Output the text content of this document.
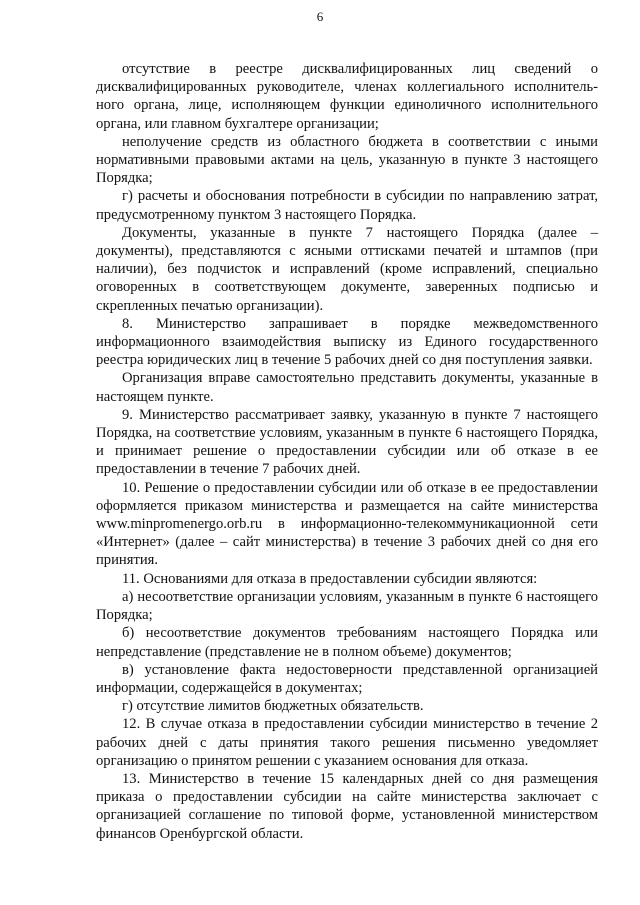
6

отсутствие в реестре дисквалифицированных лиц сведений о дисквалифицированных руководителе, членах коллегиального исполнитель-ного органа, лице, исполняющем функции единоличного исполнительного органа, или главном бухгалтере организации;

неполучение средств из областного бюджета в соответствии с иными нормативными правовыми актами на цель, указанную в пункте 3 настоящего Порядка;

г) расчеты и обоснования потребности в субсидии по направлению затрат, предусмотренному пунктом 3 настоящего Порядка.

Документы, указанные в пункте 7 настоящего Порядка (далее – документы), представляются с ясными оттисками печатей и штампов (при наличии), без подчисток и исправлений (кроме исправлений, специально оговоренных в соответствующем документе, заверенных подписью и скрепленных печатью организации).

8. Министерство запрашивает в порядке межведомственного информационного взаимодействия выписку из Единого государственного реестра юридических лиц в течение 5 рабочих дней со дня поступления заявки.

Организация вправе самостоятельно представить документы, указанные в настоящем пункте.

9. Министерство рассматривает заявку, указанную в пункте 7 настоящего Порядка, на соответствие условиям, указанным в пункте 6 настоящего Порядка, и принимает решение о предоставлении субсидии или об отказе в ее предоставлении в течение 7 рабочих дней.

10. Решение о предоставлении субсидии или об отказе в ее предоставлении оформляется приказом министерства и размещается на сайте министерства www.minpromenergo.orb.ru в информационно-телекоммуникационной сети «Интернет» (далее – сайт министерства) в течение 3 рабочих дней со дня его принятия.

11. Основаниями для отказа в предоставлении субсидии являются:

а) несоответствие организации условиям, указанным в пункте 6 настоящего Порядка;

б) несоответствие документов требованиям настоящего Порядка или непредставление (представление не в полном объеме) документов;

в) установление факта недостоверности представленной организацией информации, содержащейся в документах;

г) отсутствие лимитов бюджетных обязательств.

12. В случае отказа в предоставлении субсидии министерство в течение 2 рабочих дней с даты принятия такого решения письменно уведомляет организацию о принятом решении с указанием основания для отказа.

13. Министерство в течение 15 календарных дней со дня размещения приказа о предоставлении субсидии на сайте министерства заключает с организацией соглашение по типовой форме, установленной министерством финансов Оренбургской области.
